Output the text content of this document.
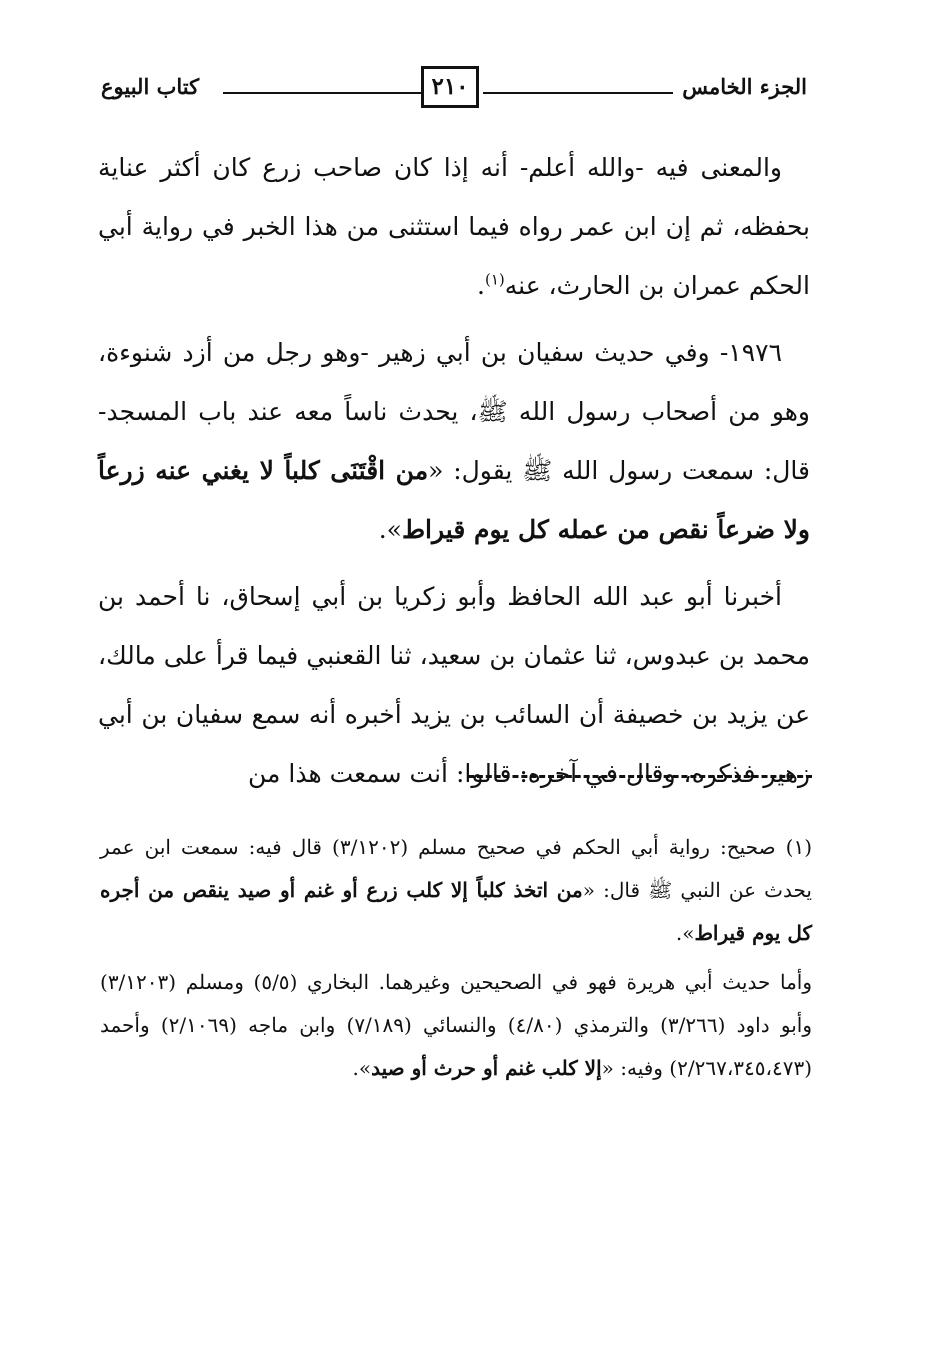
الجزء الخامس
٢١٠
كتاب البيوع

والمعنى فيه -والله أعلم- أنه إذا كان صاحب زرع كان أكثر عناية بحفظه، ثم إن ابن عمر رواه فيما استثنى من هذا الخبر في رواية أبي الحكم عمران بن الحارث، عنه$^{(١)}$.

١٩٧٦- وفي حديث سفيان بن أبي زهير -وهو رجل من أزد شنوءة، وهو من أصحاب رسول الله ﷺ، يحدث ناساً معه عند باب المسجد- قال: سمعت رسول الله ﷺ يقول: «من اقْتَنَى كلباً لا يغني عنه زرعاً ولا ضرعاً نقص من عمله كل يوم قيراط».

أخبرنا أبو عبد الله الحافظ وأبو زكريا بن أبي إسحاق، نا أحمد بن محمد بن عبدوس، ثنا عثمان بن سعيد، ثنا القعنبي فيما قرأ على مالك، عن يزيد بن خصيفة أن السائب بن يزيد أخبره أنه سمع سفيان بن أبي زهير فذكره، وقال في آخره: قالوا: أنت سمعت هذا من

(١) صحيح: رواية أبي الحكم في صحيح مسلم (٣/١٢٠٢) قال فيه: سمعت ابن عمر يحدث عن النبي ﷺ قال: «من اتخذ كلباً إلا كلب زرع أو غنم أو صيد ينقص من أجره كل يوم قيراط».

وأما حديث أبي هريرة فهو في الصحيحين وغيرهما. البخاري (٥/٥) ومسلم (٣/١٢٠٣) وأبو داود (٣/٢٦٦) والترمذي (٤/٨٠) والنسائي (٧/١٨٩) وابن ماجه (٢/١٠٦٩) وأحمد (٢/٢٦٧،٣٤٥،٤٧٣) وفيه: «إلا كلب غنم أو حرث أو صيد».
